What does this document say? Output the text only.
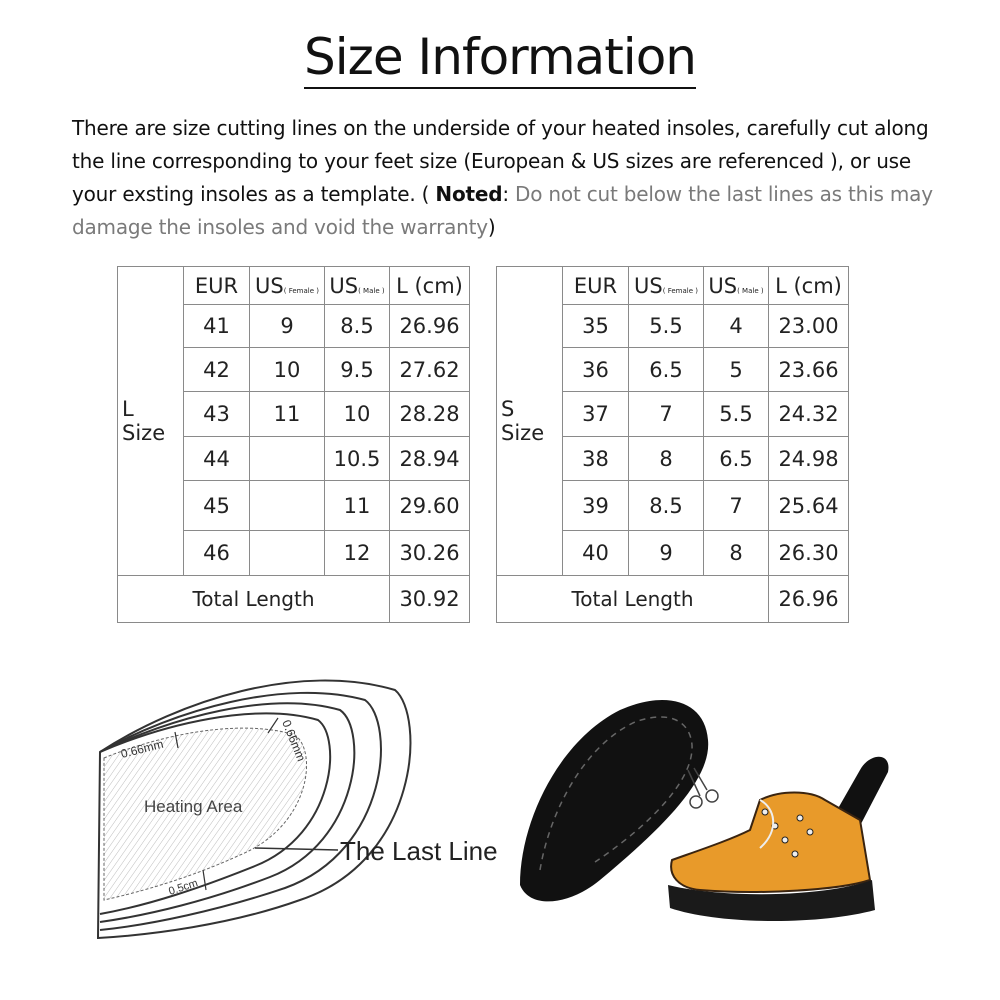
Size Information
There are size cutting lines on the underside of your heated insoles, carefully cut along the line corresponding to your feet size (European & US sizes are referenced ), or use your exsting insoles as a template. ( Noted: Do not cut below the last lines as this may damage the insoles and void the warranty)
L Size	EUR	US( Female )	US( Male )	L (cm)
	41	9	8.5	26.96
	42	10	9.5	27.62
	43	11	10	28.28
	44		10.5	28.94
	45		11	29.60
	46		12	30.26
Total Length				30.92
S Size	EUR	US( Female )	US( Male )	L (cm)
	35	5.5	4	23.00
	36	6.5	5	23.66
	37	7	5.5	24.32
	38	8	6.5	24.98
	39	8.5	7	25.64
	40	9	8	26.30
Total Length				26.96
0.66mm	0.66mm
0.5cm
Heating Area
The Last Line
